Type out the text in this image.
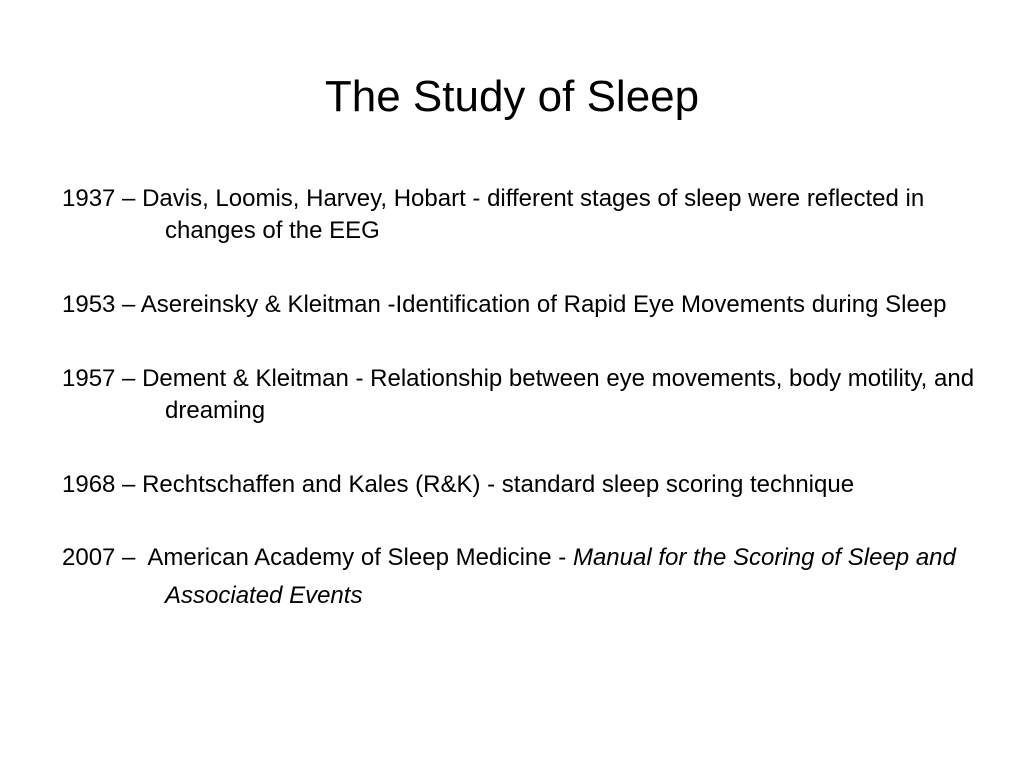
The Study of Sleep
1937 – Davis, Loomis, Harvey, Hobart - different stages of sleep were reflected in changes of the EEG
1953 – Asereinsky & Kleitman -Identification of Rapid Eye Movements during Sleep
1957 – Dement & Kleitman - Relationship between eye movements, body motility, and dreaming
1968 – Rechtschaffen and Kales (R&K) - standard sleep scoring technique
2007 –  American Academy of Sleep Medicine - Manual for the Scoring of Sleep and Associated Events
